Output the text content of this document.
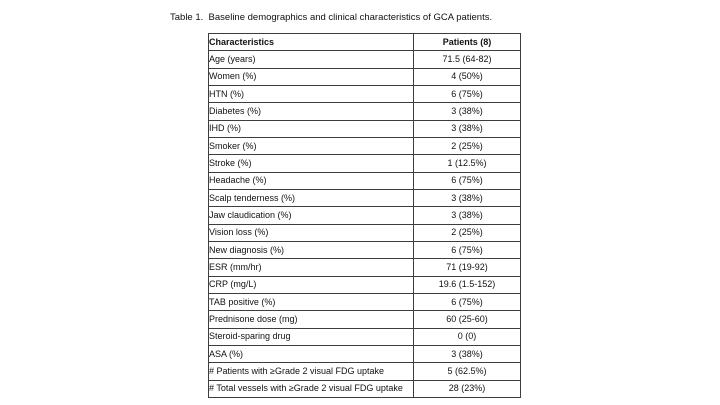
Table 1.  Baseline demographics and clinical characteristics of GCA patients.
Characteristics	Patients (8)
Age (years)	71.5 (64-82)
Women (%)	4 (50%)
HTN (%)	6 (75%)
Diabetes (%)	3 (38%)
IHD (%)	3 (38%)
Smoker (%)	2 (25%)
Stroke (%)	1 (12.5%)
Headache (%)	6 (75%)
Scalp tenderness (%)	3 (38%)
Jaw claudication (%)	3 (38%)
Vision loss (%)	2 (25%)
New diagnosis (%)	6 (75%)
ESR (mm/hr)	71 (19-92)
CRP (mg/L)	19.6 (1.5-152)
TAB positive (%)	6 (75%)
Prednisone dose (mg)	60 (25-60)
Steroid-sparing drug	0 (0)
ASA (%)	3 (38%)
# Patients with ≥Grade 2 visual FDG uptake	5 (62.5%)
# Total vessels with ≥Grade 2 visual FDG uptake	28 (23%)
